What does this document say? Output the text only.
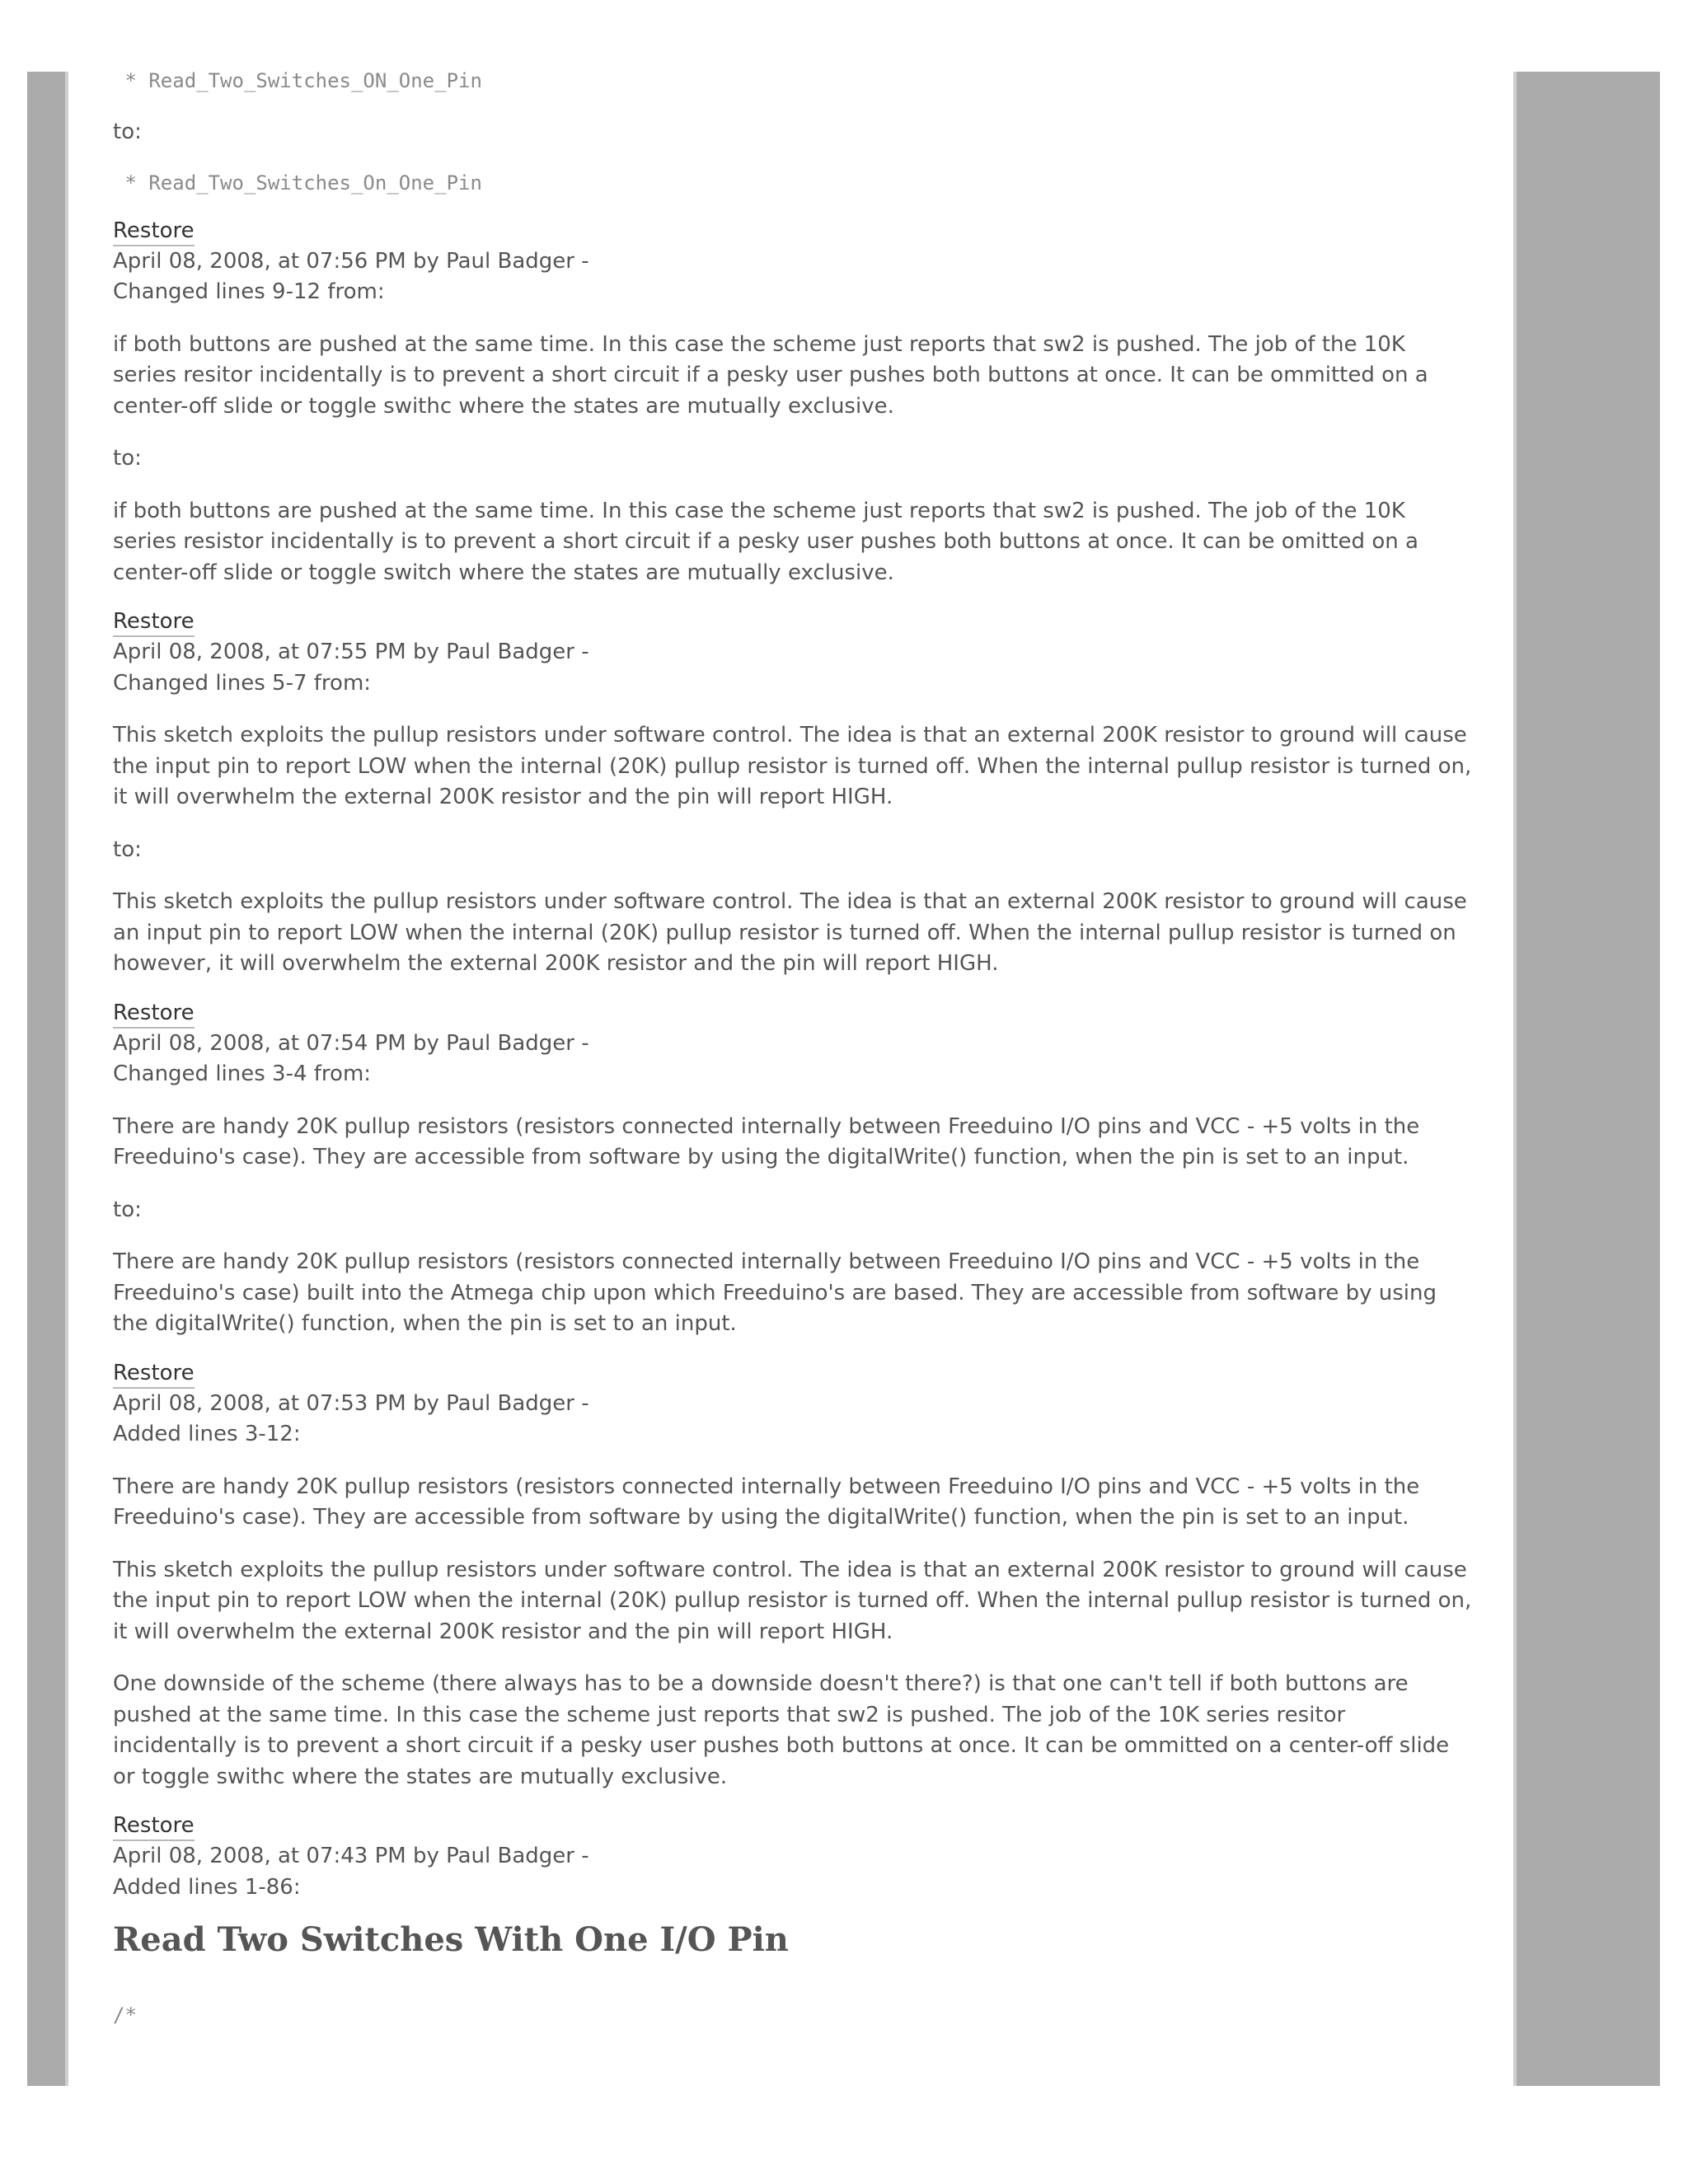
* Read_Two_Switches_ON_One_Pin

to:

* Read_Two_Switches_On_One_Pin
Restore

April 08, 2008, at 07:56 PM by Paul Badger -

Changed lines 9-12 from:

if both buttons are pushed at the same time. In this case the scheme just reports that sw2 is pushed. The job of the 10K series resitor incidentally is to prevent a short circuit if a pesky user pushes both buttons at once. It can be ommitted on a center-off slide or toggle swithc where the states are mutually exclusive.

to:

if both buttons are pushed at the same time. In this case the scheme just reports that sw2 is pushed. The job of the 10K series resistor incidentally is to prevent a short circuit if a pesky user pushes both buttons at once. It can be omitted on a center-off slide or toggle switch where the states are mutually exclusive.

Restore

April 08, 2008, at 07:55 PM by Paul Badger -

Changed lines 5-7 from:

This sketch exploits the pullup resistors under software control. The idea is that an external 200K resistor to ground will cause the input pin to report LOW when the internal (20K) pullup resistor is turned off. When the internal pullup resistor is turned on, it will overwhelm the external 200K resistor and the pin will report HIGH.

to:

This sketch exploits the pullup resistors under software control. The idea is that an external 200K resistor to ground will cause an input pin to report LOW when the internal (20K) pullup resistor is turned off. When the internal pullup resistor is turned on however, it will overwhelm the external 200K resistor and the pin will report HIGH.

Restore

April 08, 2008, at 07:54 PM by Paul Badger -

Changed lines 3-4 from:

There are handy 20K pullup resistors (resistors connected internally between Freeduino I/O pins and VCC - +5 volts in the Freeduino's case). They are accessible from software by using the digitalWrite() function, when the pin is set to an input.

to:

There are handy 20K pullup resistors (resistors connected internally between Freeduino I/O pins and VCC - +5 volts in the Freeduino's case) built into the Atmega chip upon which Freeduino's are based. They are accessible from software by using the digitalWrite() function, when the pin is set to an input.

Restore

April 08, 2008, at 07:53 PM by Paul Badger -

Added lines 3-12:

There are handy 20K pullup resistors (resistors connected internally between Freeduino I/O pins and VCC - +5 volts in the Freeduino's case). They are accessible from software by using the digitalWrite() function, when the pin is set to an input.

This sketch exploits the pullup resistors under software control. The idea is that an external 200K resistor to ground will cause the input pin to report LOW when the internal (20K) pullup resistor is turned off. When the internal pullup resistor is turned on, it will overwhelm the external 200K resistor and the pin will report HIGH.

One downside of the scheme (there always has to be a downside doesn't there?) is that one can't tell if both buttons are pushed at the same time. In this case the scheme just reports that sw2 is pushed. The job of the 10K series resitor incidentally is to prevent a short circuit if a pesky user pushes both buttons at once. It can be ommitted on a center-off slide or toggle swithc where the states are mutually exclusive.

Restore

April 08, 2008, at 07:43 PM by Paul Badger -

Added lines 1-86:

Read Two Switches With One I/O Pin
/*
